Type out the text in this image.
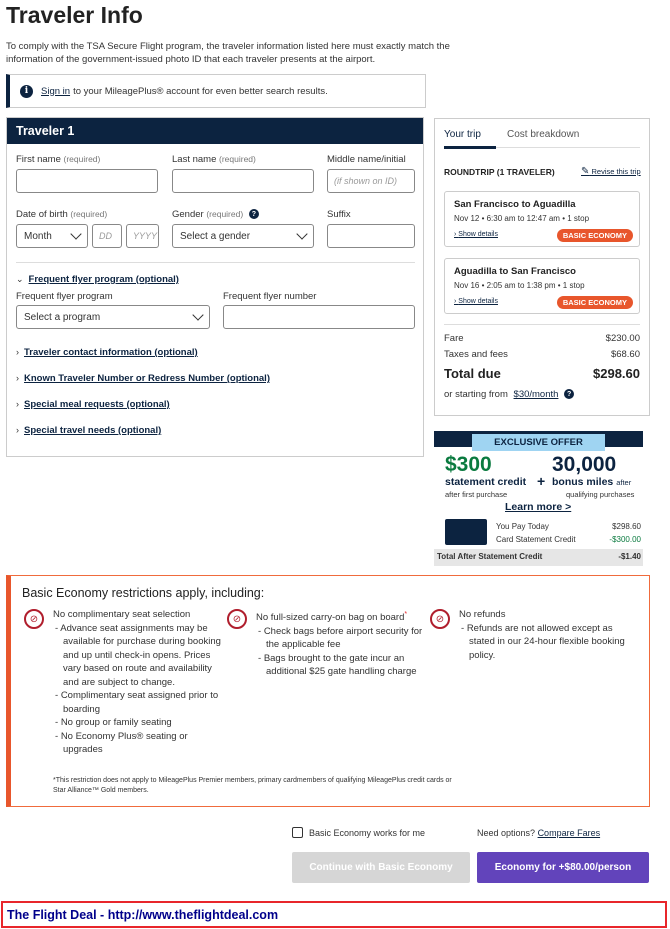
Traveler Info
To comply with the TSA Secure Flight program, the traveler information listed here must exactly match the information of the government-issued photo ID that each traveler presents at the airport.
i	Sign in to your MileagePlus® account for even better search results.
Traveler 1
First name (required)	Last name (required)	Middle name/initial
(if shown on ID)
Date of birth (required)
Month	DD	YYYY
Gender (required) ?
Select a gender
Suffix
⌄ Frequent flyer program (optional)
Frequent flyer program
Select a program
Frequent flyer number
› Traveler contact information (optional)
› Known Traveler Number or Redress Number (optional)
› Special meal requests (optional)
› Special travel needs (optional)
Your trip	Cost breakdown
ROUNDTRIP (1 TRAVELER)	✎ Revise this trip
San Francisco to Aguadilla
Nov 12 • 6:30 am to 12:47 am • 1 stop
› Show details	BASIC ECONOMY
Aguadilla to San Francisco
Nov 16 • 2:05 am to 1:38 pm • 1 stop
› Show details	BASIC ECONOMY
Fare	$230.00
Taxes and fees	$68.60
Total due	$298.60
or starting from $30/month ?
EXCLUSIVE OFFER
$300
statement credit
after first purchase
+
30,000
bonus miles after
qualifying purchases
Learn more >
You Pay Today	$298.60
Card Statement Credit	-$300.00
Total After Statement Credit	-$1.40
Basic Economy restrictions apply, including:
⊘	No complimentary seat selection
- Advance seat assignments may be available for purchase during booking and up until check-in opens. Prices vary based on route and availability and are subject to change.
- Complimentary seat assigned prior to boarding
- No group or family seating
- No Economy Plus® seating or upgrades
⊘	No full-sized carry-on bag on board*
- Check bags before airport security for the applicable fee
- Bags brought to the gate incur an additional $25 gate handling charge
⊘	No refunds
- Refunds are not allowed except as stated in our 24-hour flexible booking policy.
*This restriction does not apply to MileagePlus Premier members, primary cardmembers of qualifying MileagePlus credit cards or Star Alliance™ Gold members.
Basic Economy works for me	Need options? Compare Fares
Continue with Basic Economy	Economy for +$80.00/person
The Flight Deal - http://www.theflightdeal.com
